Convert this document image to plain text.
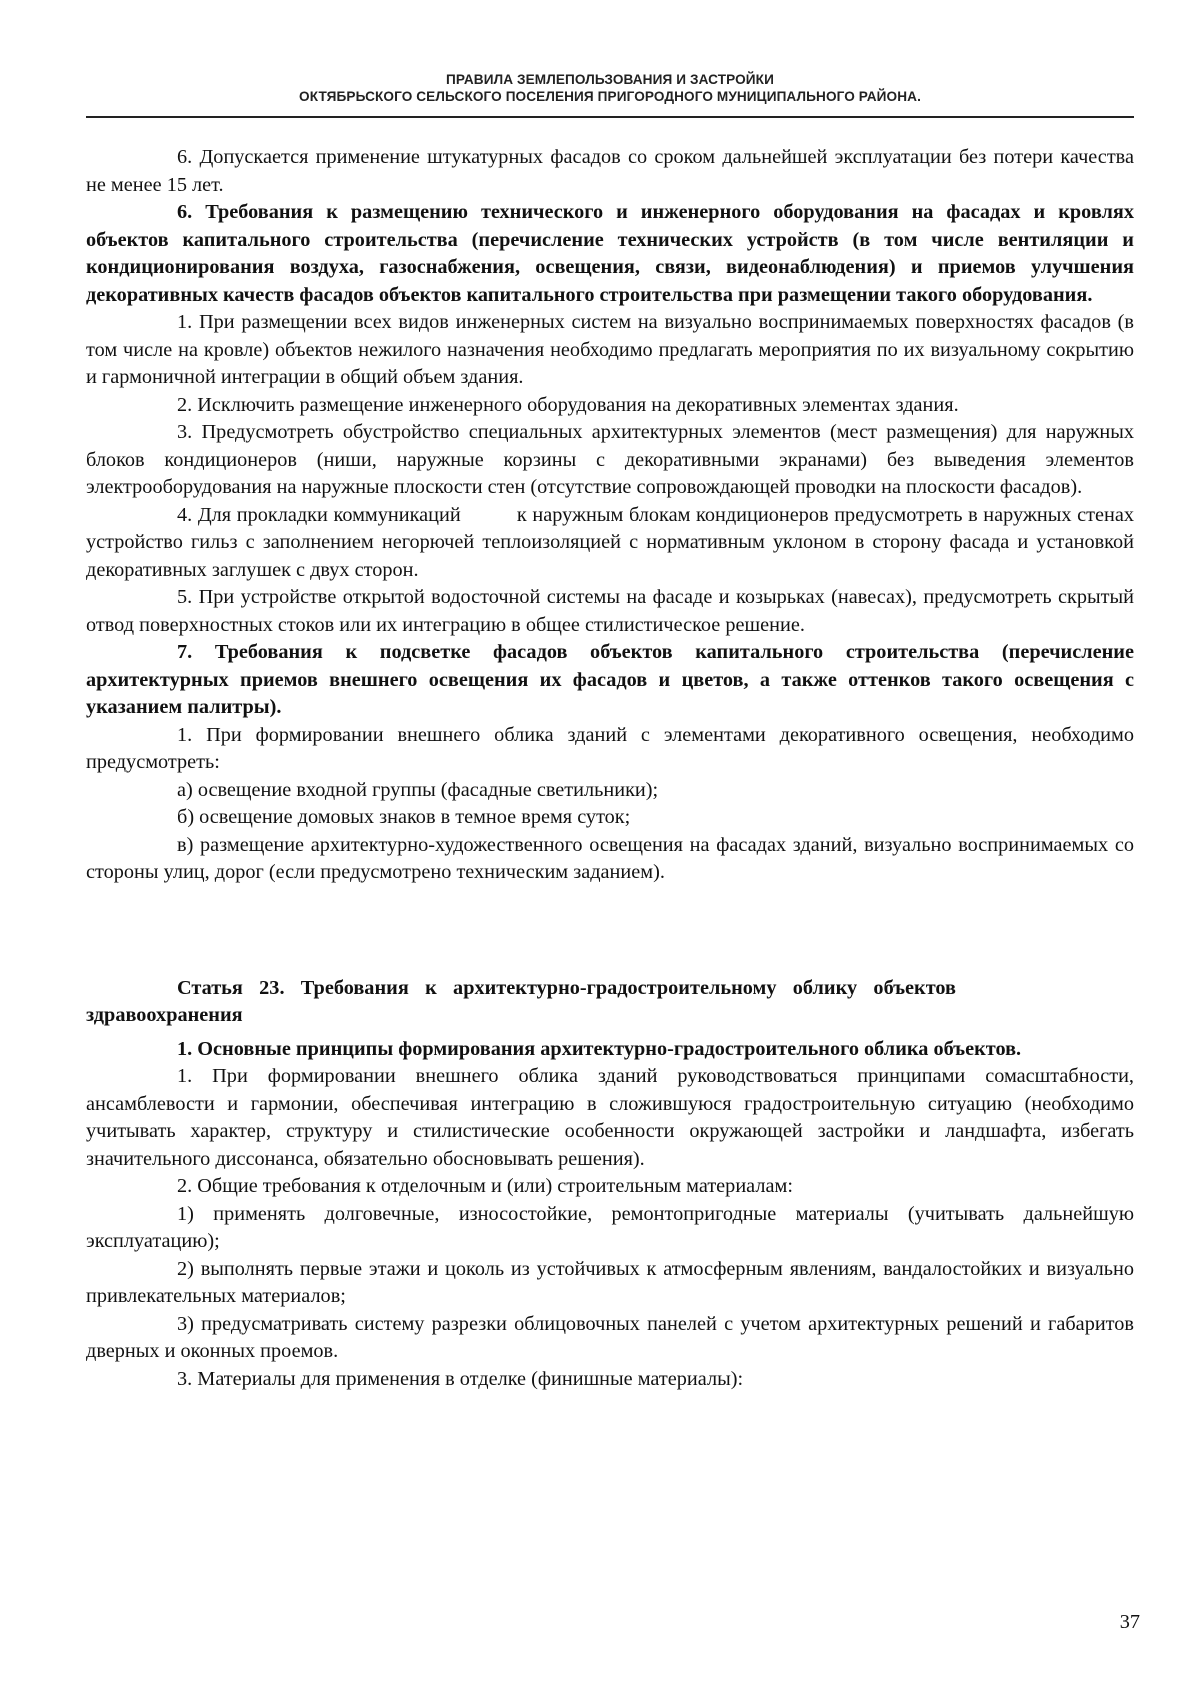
ПРАВИЛА ЗЕМЛЕПОЛЬЗОВАНИЯ И ЗАСТРОЙКИ
ОКТЯБРЬСКОГО СЕЛЬСКОГО ПОСЕЛЕНИЯ ПРИГОРОДНОГО МУНИЦИПАЛЬНОГО РАЙОНА.

6. Допускается применение штукатурных фасадов со сроком дальнейшей эксплуатации без потери качества не менее 15 лет.

6. Требования к размещению технического и инженерного оборудования на фасадах и кровлях объектов капитального строительства (перечисление технических устройств (в том числе вентиляции и кондиционирования воздуха, газоснабжения, освещения, связи, видеонаблюдения) и приемов улучшения декоративных качеств фасадов объектов капитального строительства при размещении такого оборудования.

1. При размещении всех видов инженерных систем на визуально воспринимаемых поверхностях фасадов (в том числе на кровле) объектов нежилого назначения необходимо предлагать мероприятия по их визуальному сокрытию и гармоничной интеграции в общий объем здания.

2. Исключить размещение инженерного оборудования на декоративных элементах здания.

3. Предусмотреть обустройство специальных архитектурных элементов (мест размещения) для наружных блоков кондиционеров (ниши, наружные корзины с декоративными экранами) без выведения элементов электрооборудования на наружные плоскости стен (отсутствие сопровождающей проводки на плоскости фасадов).

4. Для прокладки коммуникаций          к наружным блокам кондиционеров предусмотреть в наружных стенах устройство гильз с заполнением негорючей теплоизоляцией с нормативным уклоном в сторону фасада и установкой декоративных заглушек с двух сторон.

5. При устройстве открытой водосточной системы на фасаде и козырьках (навесах), предусмотреть скрытый отвод поверхностных стоков или их интеграцию в общее стилистическое решение.

7. Требования к подсветке фасадов объектов капитального строительства (перечисление архитектурных приемов внешнего освещения их фасадов и цветов, а также оттенков такого освещения с указанием палитры).

1. При формировании внешнего облика зданий с элементами декоративного освещения, необходимо предусмотреть:

а) освещение входной группы (фасадные светильники);

б) освещение домовых знаков в темное время суток;

в) размещение архитектурно-художественного освещения на фасадах зданий, визуально воспринимаемых со стороны улиц, дорог (если предусмотрено техническим заданием).

Статья 23. Требования к архитектурно-градостроительному облику объектов здравоохранения

1. Основные принципы формирования архитектурно-градостроительного облика объектов.

1. При формировании внешнего облика зданий руководствоваться принципами сомасштабности, ансамблевости и гармонии, обеспечивая интеграцию в сложившуюся градостроительную ситуацию (необходимо учитывать характер, структуру и стилистические особенности окружающей застройки и ландшафта, избегать значительного диссонанса, обязательно обосновывать решения).

2. Общие требования к отделочным и (или) строительным материалам:

1) применять долговечные, износостойкие, ремонтопригодные материалы (учитывать дальнейшую эксплуатацию);

2) выполнять первые этажи и цоколь из устойчивых к атмосферным явлениям, вандалостойких и визуально привлекательных материалов;

3) предусматривать систему разрезки облицовочных панелей с учетом архитектурных решений и габаритов дверных и оконных проемов.

3. Материалы для применения в отделке (финишные материалы):

37
